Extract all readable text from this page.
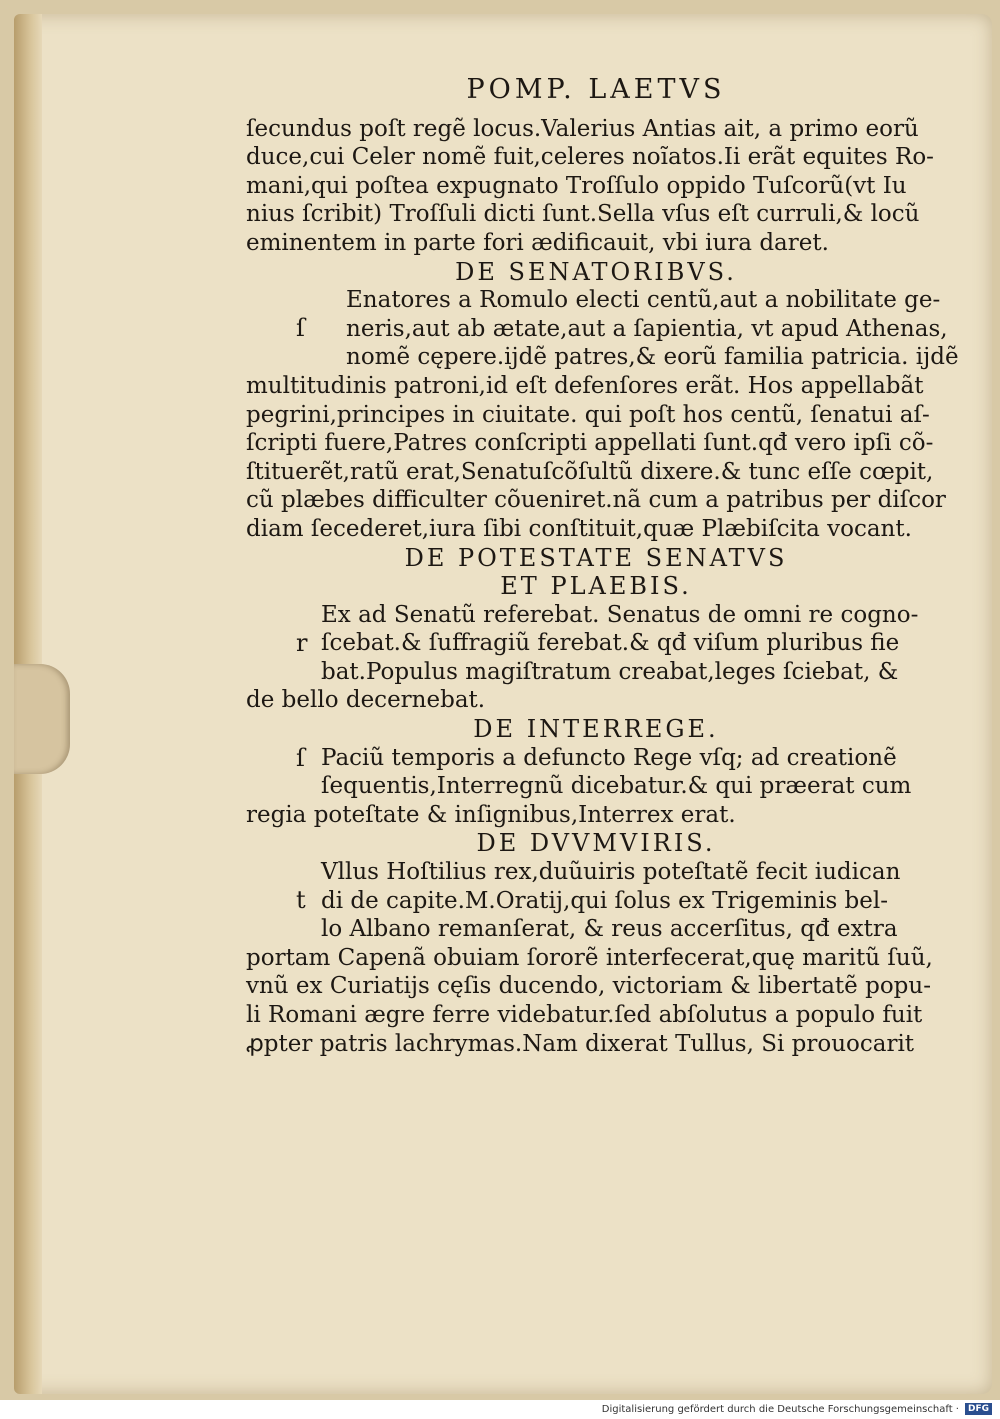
POMP. LAETVS
ſecundus poſt regẽ locus.Valerius Antias ait, a primo eorũ
duce,cui Celer nomẽ fuit,celeres noĩatos.Ii erãt equites Ro‑
mani,qui poſtea expugnato Troſſulo oppido Tuſcorũ(vt Iu
nius ſcribit) Troſſuli dicti ſunt.Sella vſus eſt curruli,& locũ
eminentem in parte fori ædificauit, vbi iura daret.
DE SENATORIBVS.
ſ
Enatores a Romulo electi centũ,aut a nobilitate ge‑
neris,aut ab ætate,aut a ſapientia, vt apud Athenas,
nomẽ cępere.ijdẽ patres,& eorũ familia patricia. ijdẽ
multitudinis patroni,id eſt defenſores erãt. Hos appellabãt
pegrini,principes in ciuitate. qui poſt hos centũ, ſenatui aſ‑
ſcripti fuere,Patres conſcripti appellati ſunt.qđ vero ipſi cõ‑
ſtituerẽt,ratũ erat,Senatuſcõſultũ dixere.& tunc eſſe cœpit,
cũ plæbes difficulter cõueniret.nã cum a patribus per diſcor
diam ſecederet,iura ſibi conſtituit,quæ Plæbiſcita vocant.
DE POTESTATE SENATVS
ET PLAEBIS.
r
Ex ad Senatũ referebat. Senatus de omni re cogno‑
ſcebat.& ſuffragiũ ferebat.& qđ viſum pluribus fie
bat.Populus magiſtratum creabat,leges ſciebat, &
de bello decernebat.
DE INTERREGE.
ſ Paciũ temporis a defuncto Rege vſq; ad creationẽ
ſequentis,Interregnũ dicebatur.& qui præerat cum
regia poteſtate & inſignibus,Interrex erat.
DE DVVMVIRIS.
t
Vllus Hoſtilius rex,duũuiris poteſtatẽ fecit iudican
di de capite.M.Oratij,qui ſolus ex Trigeminis bel‑
lo Albano remanſerat, & reus accerſitus, qđ extra
portam Capenã obuiam ſororẽ interfecerat,quę maritũ ſuũ,
vnũ ex Curiatijs cęſis ducendo, victoriam & libertatẽ popu‑
li Romani ægre ferre videbatur.ſed abſolutus a populo fuit
ꝓpter patris lachrymas.Nam dixerat Tullus, Si prouocarit
Digitalisierung gefördert durch die Deutsche Forschungsgemeinschaft · DFG
